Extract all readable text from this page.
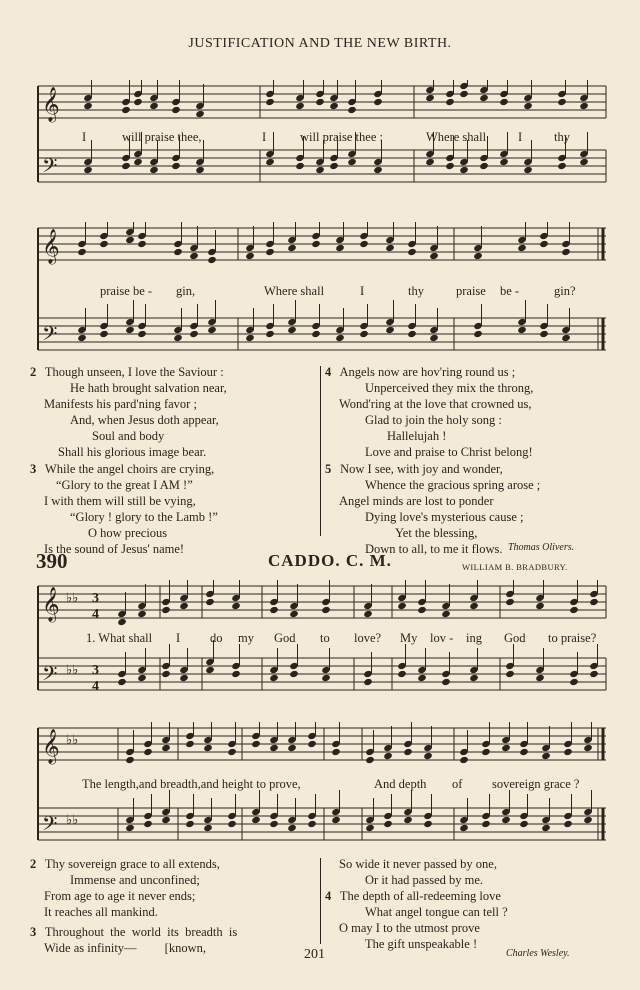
JUSTIFICATION AND THE NEW BIRTH.
𝄞
𝄢
I	will praise thee,	I	will praise thee :	Where shall	I	thy
𝄞
𝄢
praise be - gin,	Where shall	I	thy	praise be -	gin?
2 Though unseen, I love the Saviour :
He hath brought salvation near,
Manifests his pard'ning favor ;
And, when Jesus doth appear,
Soul and body
Shall his glorious image bear.
3 While the angel choirs are crying,
“Glory to the great I AM !”
I with them will still be vying,
“Glory ! glory to the Lamb !”
O how precious
Is the sound of Jesus' name!
4 Angels now are hov'ring round us ;
Unperceived they mix the throng,
Wond'ring at the love that crowned us,
Glad to join the holy song :
Hallelujah !
Love and praise to Christ belong!
5 Now I see, with joy and wonder,
Whence the gracious spring arose ;
Angel minds are lost to ponder
Dying love's mysterious cause ;
Yet the blessing,
Down to all, to me it flows. Thomas Olivers.
390	CADDO. C. M.	WILLIAM B. BRADBURY.
𝄞
𝄢
♭♭
♭♭
3
4
3
4
1. What shall I do my God to love? My lov - ing God to praise?
𝄞
𝄢
♭♭
♭♭
The length,and breadth,and height to prove,	And depth of sovereign grace ?
2 Thy sovereign grace to all extends,
Immense and unconfined;
From age to age it never ends;
It reaches all mankind.
3 Throughout  the  world  its  breadth  is
Wide as infinity—         [known,
So wide it never passed by one,
Or it had passed by me.
4 The depth of all-redeeming love
What angel tongue can tell ?
O may I to the utmost prove
The gift unspeakable !
201	Charles Wesley.
